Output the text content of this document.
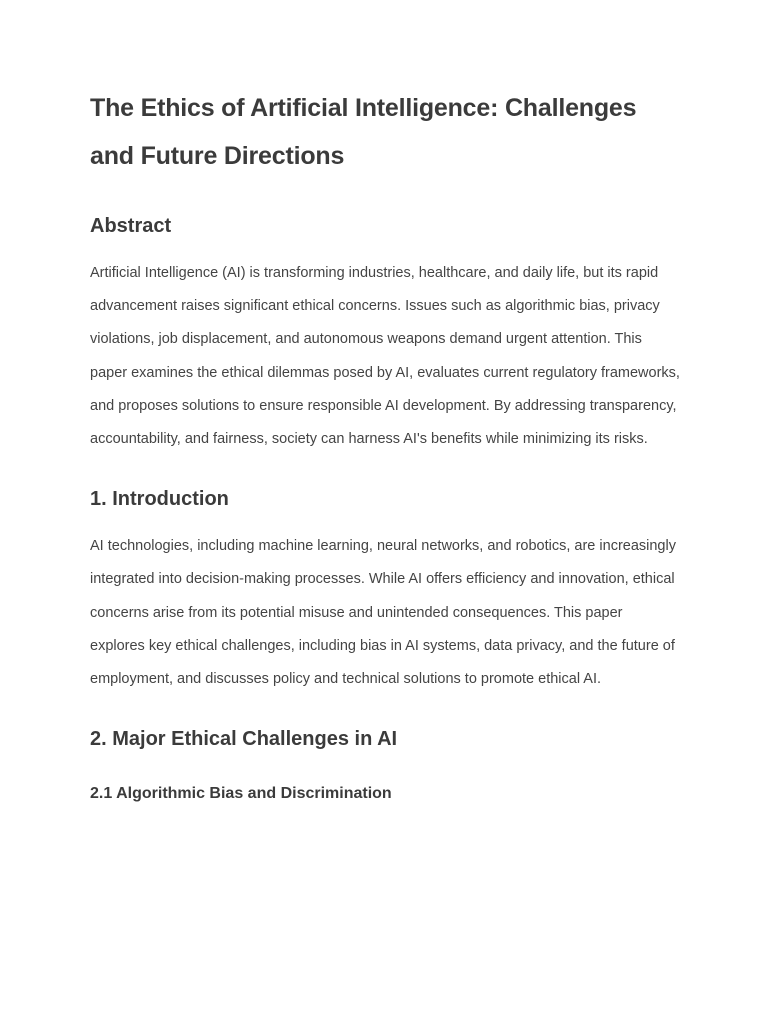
The Ethics of Artificial Intelligence: Challenges and Future Directions
Abstract

Artificial Intelligence (AI) is transforming industries, healthcare, and daily life, but its rapid advancement raises significant ethical concerns. Issues such as algorithmic bias, privacy violations, job displacement, and autonomous weapons demand urgent attention. This paper examines the ethical dilemmas posed by AI, evaluates current regulatory frameworks, and proposes solutions to ensure responsible AI development. By addressing transparency, accountability, and fairness, society can harness AI's benefits while minimizing its risks.

1. Introduction

AI technologies, including machine learning, neural networks, and robotics, are increasingly integrated into decision-making processes. While AI offers efficiency and innovation, ethical concerns arise from its potential misuse and unintended consequences. This paper explores key ethical challenges, including bias in AI systems, data privacy, and the future of employment, and discusses policy and technical solutions to promote ethical AI.

2. Major Ethical Challenges in AI
2.1 Algorithmic Bias and Discrimination
